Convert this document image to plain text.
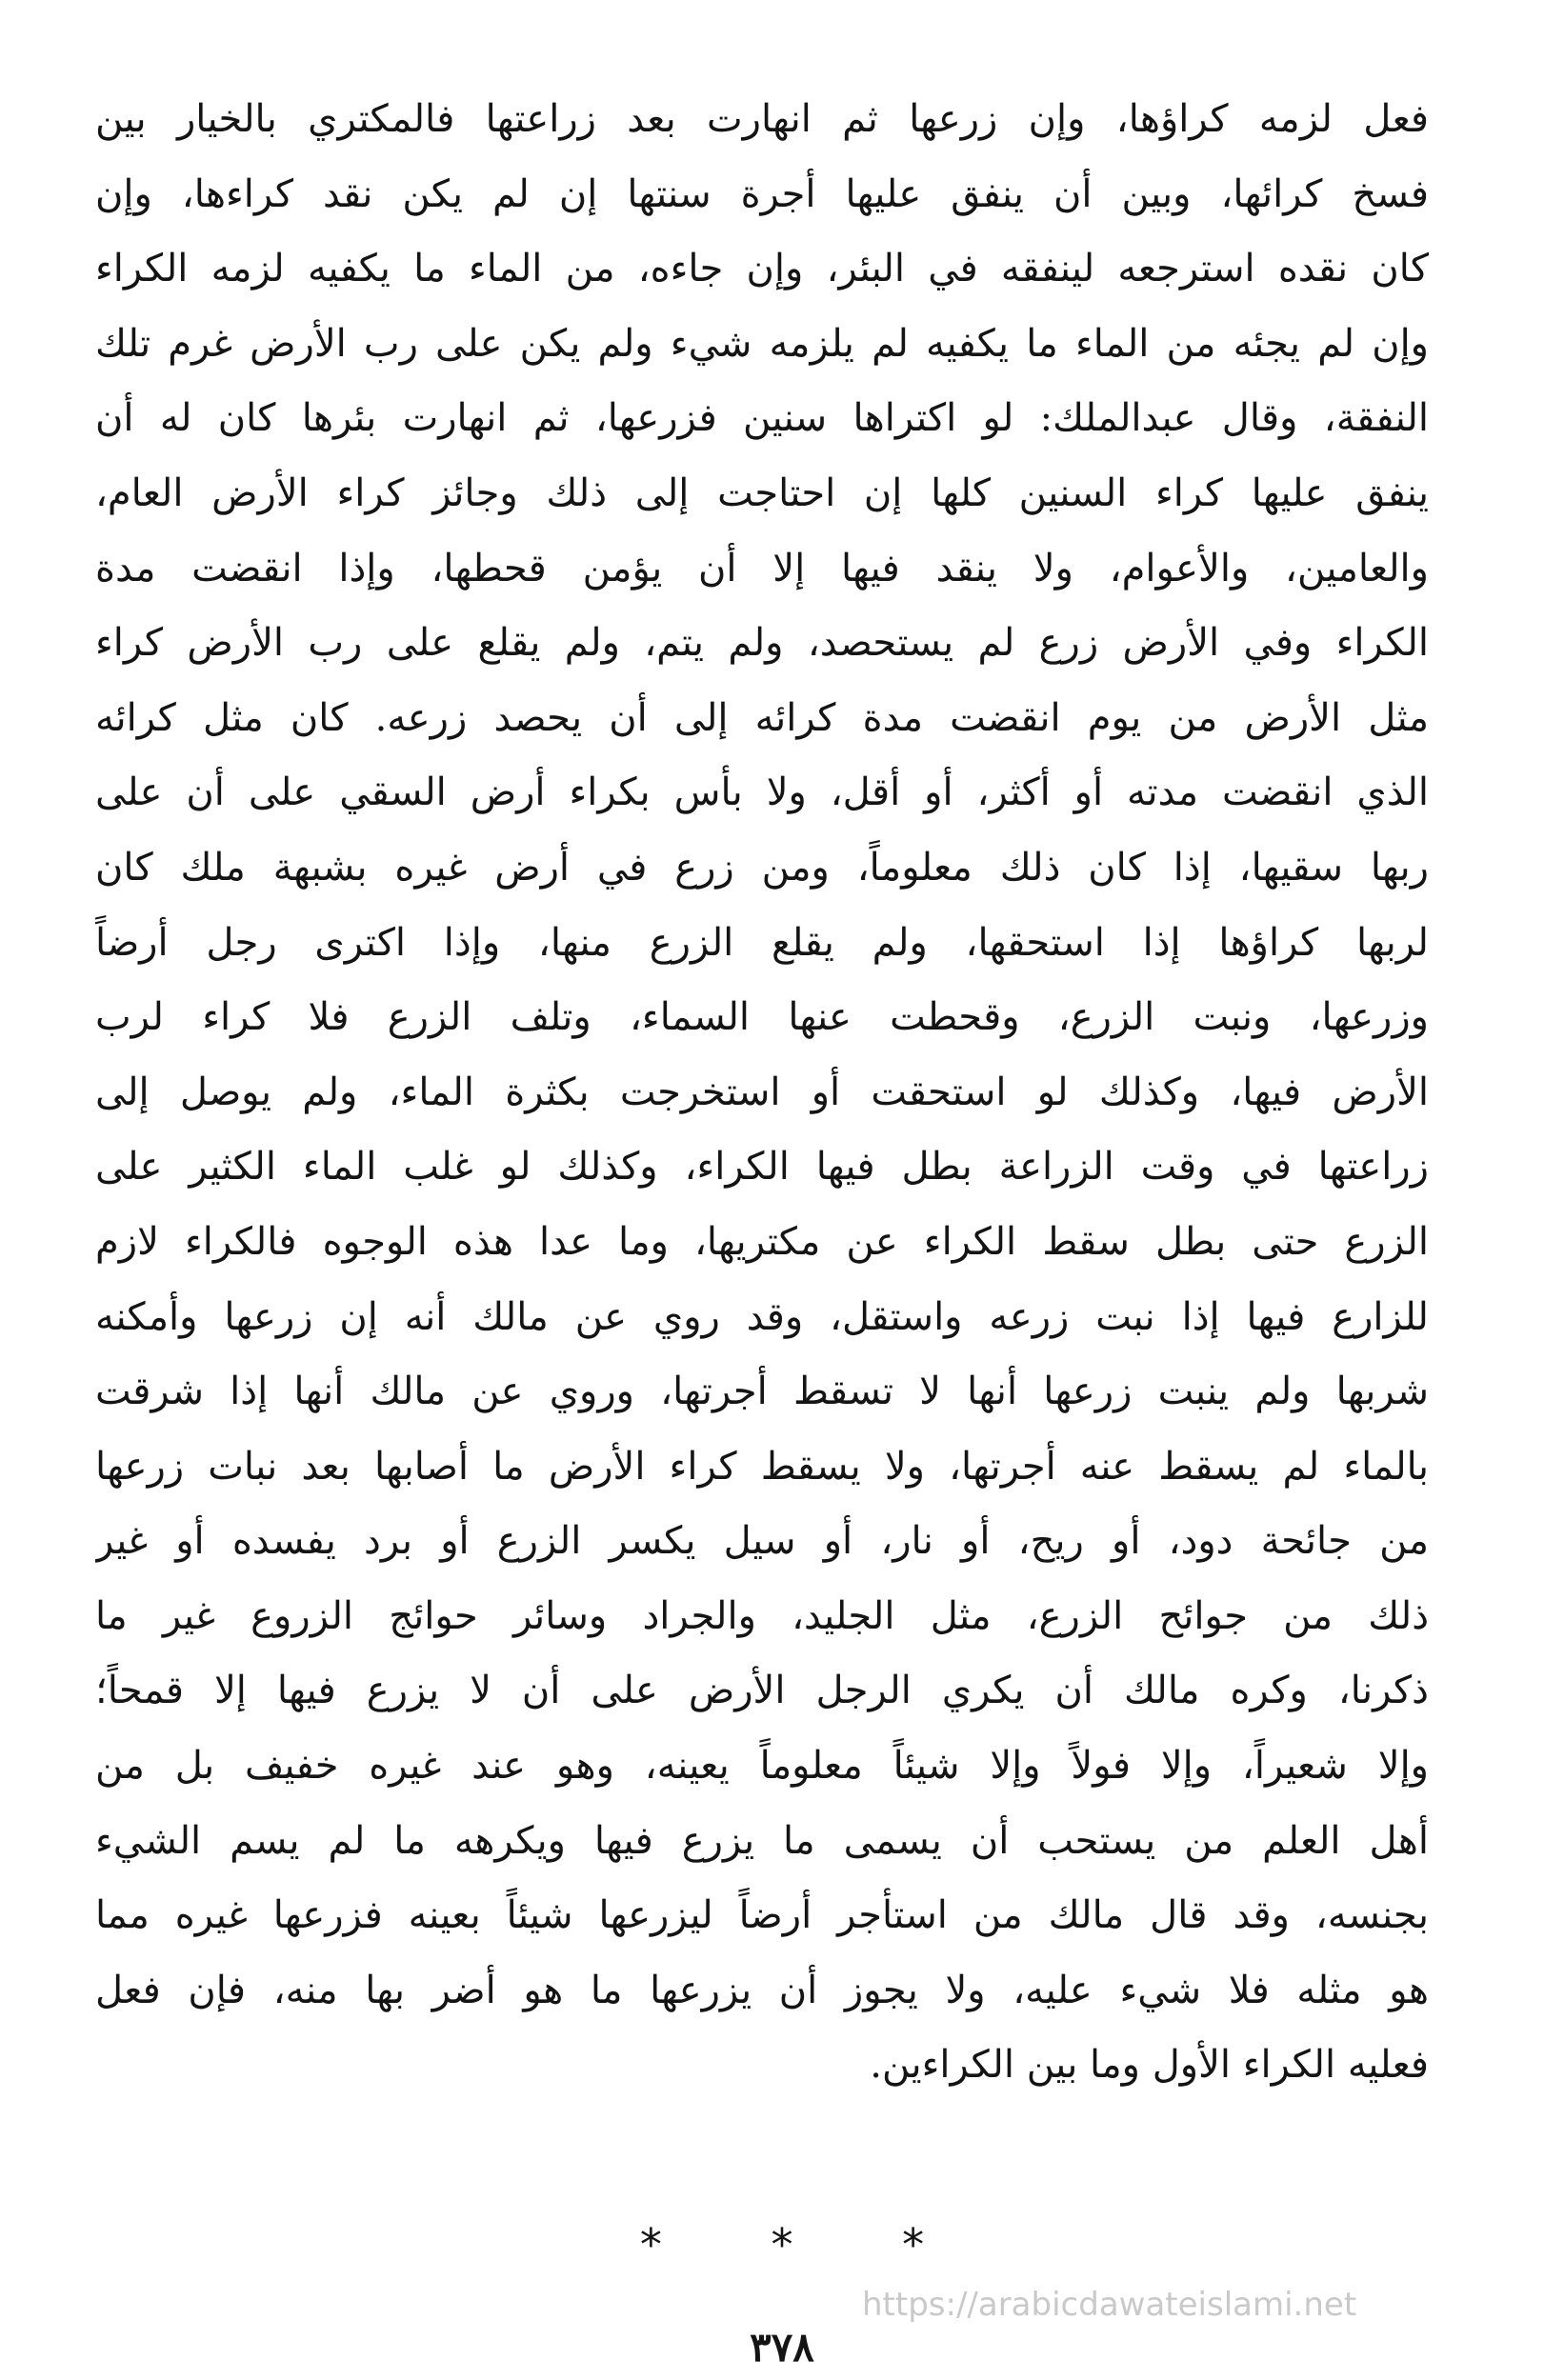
فعل لزمه كراؤها، وإن زرعها ثم انهارت بعد زراعتها فالمكتري بالخيار بين
فسخ كرائها، وبين أن ينفق عليها أجرة سنتها إن لم يكن نقد كراءها، وإن
كان نقده استرجعه لينفقه في البئر، وإن جاءه، من الماء ما يكفيه لزمه الكراء
وإن لم يجئه من الماء ما يكفيه لم يلزمه شيء ولم يكن على رب الأرض غرم تلك
النفقة، وقال عبدالملك: لو اكتراها سنين فزرعها، ثم انهارت بئرها كان له أن
ينفق عليها كراء السنين كلها إن احتاجت إلى ذلك وجائز كراء الأرض العام،
والعامين، والأعوام، ولا ينقد فيها إلا أن يؤمن قحطها، وإذا انقضت مدة
الكراء وفي الأرض زرع لم يستحصد، ولم يتم، ولم يقلع على رب الأرض كراء
مثل الأرض من يوم انقضت مدة كرائه إلى أن يحصد زرعه. كان مثل كرائه
الذي انقضت مدته أو أكثر، أو أقل، ولا بأس بكراء أرض السقي على أن على
ربها سقيها، إذا كان ذلك معلوماً، ومن زرع في أرض غيره بشبهة ملك كان
لربها كراؤها إذا استحقها، ولم يقلع الزرع منها، وإذا اكترى رجل أرضاً
وزرعها، ونبت الزرع، وقحطت عنها السماء، وتلف الزرع فلا كراء لرب
الأرض فيها، وكذلك لو استحقت أو استخرجت بكثرة الماء، ولم يوصل إلى
زراعتها في وقت الزراعة بطل فيها الكراء، وكذلك لو غلب الماء الكثير على
الزرع حتى بطل سقط الكراء عن مكتريها، وما عدا هذه الوجوه فالكراء لازم
للزارع فيها إذا نبت زرعه واستقل، وقد روي عن مالك أنه إن زرعها وأمكنه
شربها ولم ينبت زرعها أنها لا تسقط أجرتها، وروي عن مالك أنها إذا شرقت
بالماء لم يسقط عنه أجرتها، ولا يسقط كراء الأرض ما أصابها بعد نبات زرعها
من جائحة دود، أو ريح، أو نار، أو سيل يكسر الزرع أو برد يفسده أو غير
ذلك من جوائح الزرع، مثل الجليد، والجراد وسائر حوائج الزروع غير ما
ذكرنا، وكره مالك أن يكري الرجل الأرض على أن لا يزرع فيها إلا قمحاً؛
وإلا شعيراً، وإلا فولاً وإلا شيئاً معلوماً يعينه، وهو عند غيره خفيف بل من
أهل العلم من يستحب أن يسمى ما يزرع فيها ويكرهه ما لم يسم الشيء
بجنسه، وقد قال مالك من استأجر أرضاً ليزرعها شيئاً بعينه فزرعها غيره مما
هو مثله فلا شيء عليه، ولا يجوز أن يزرعها ما هو أضر بها منه، فإن فعل
فعليه الكراء الأول وما بين الكراءين.
* * *
https://arabicdawateislami.net
٣٧٨
